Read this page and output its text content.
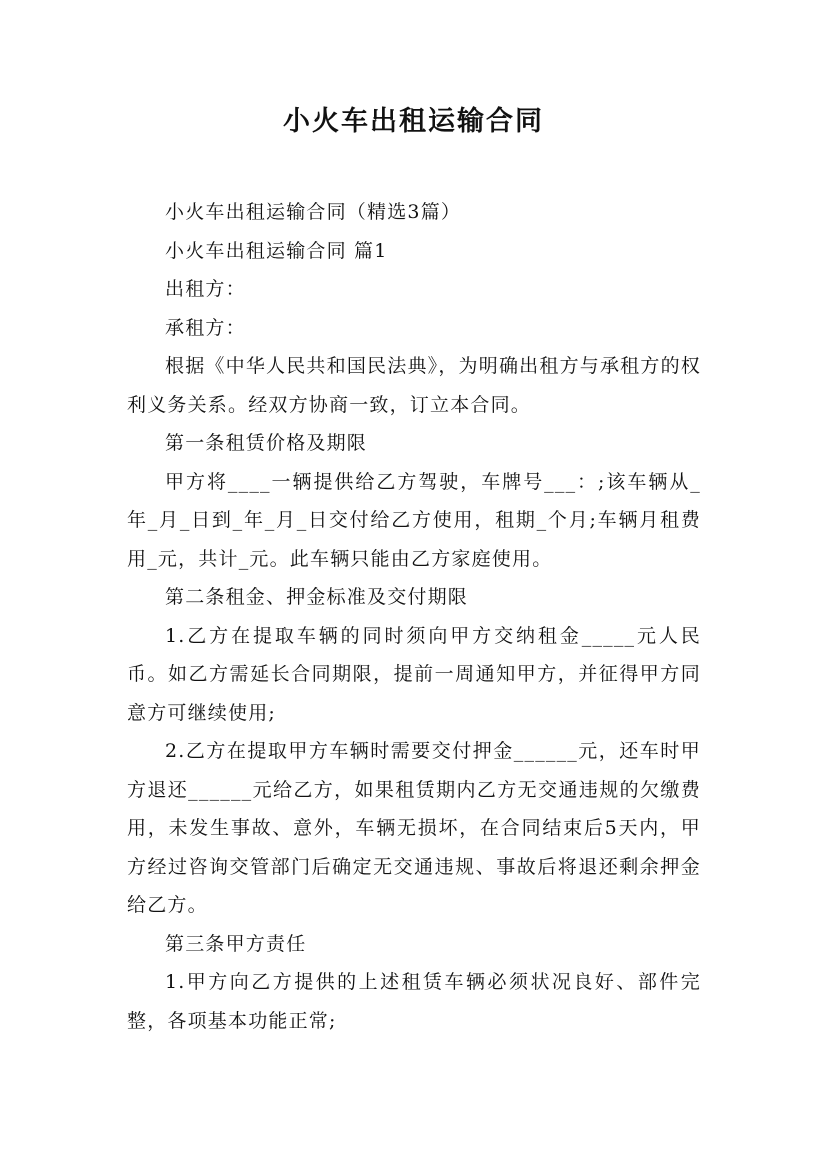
小火车出租运输合同

小火车出租运输合同（精选3篇）

小火车出租运输合同 篇1

出租方：

承租方：

根据《中华人民共和国民法典》，为明确出租方与承租方的权利义务关系。经双方协商一致，订立本合同。

第一条租赁价格及期限

甲方将____一辆提供给乙方驾驶，车牌号___：;该车辆从_年_月_日到_年_月_日交付给乙方使用，租期_个月;车辆月租费用_元，共计_元。此车辆只能由乙方家庭使用。

第二条租金、押金标准及交付期限

1.乙方在提取车辆的同时须向甲方交纳租金_____元人民币。如乙方需延长合同期限，提前一周通知甲方，并征得甲方同意方可继续使用;

2.乙方在提取甲方车辆时需要交付押金______元，还车时甲方退还______元给乙方，如果租赁期内乙方无交通违规的欠缴费用，未发生事故、意外，车辆无损坏，在合同结束后5天内，甲方经过咨询交管部门后确定无交通违规、事故后将退还剩余押金给乙方。

第三条甲方责任

1.甲方向乙方提供的上述租赁车辆必须状况良好、部件完整，各项基本功能正常;
